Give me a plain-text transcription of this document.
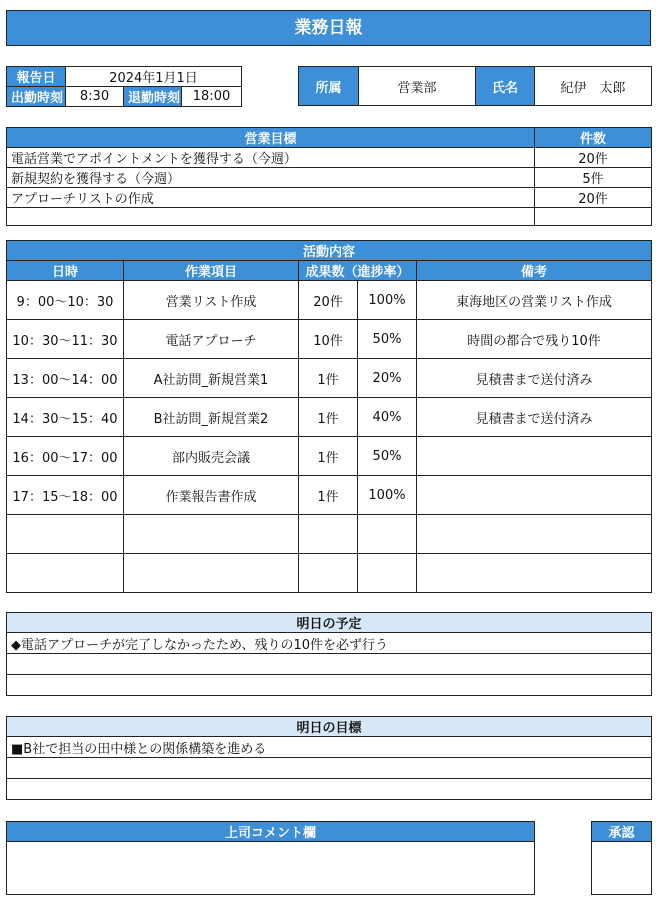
業務日報
報告日	2024年1月1日		
出勤時刻	8:30	退勤時刻	18:00
所属	営業部	氏名	紀伊　太郎
営業目標	件数
電話営業でアポイントメントを獲得する（今週）	20件
新規契約を獲得する（今週）	5件
アプローチリストの作成	20件

活動内容				
日時	作業項目	成果数（進捗率）		備考
9：00〜10：30	営業リスト作成	20件	100%	東海地区の営業リスト作成
10：30〜11：30	電話アプローチ	10件	50%	時間の都合で残り10件
13：00〜14：00	A社訪問_新規営業1	1件	20%	見積書まで送付済み
14：30〜15：40	B社訪問_新規営業2	1件	40%	見積書まで送付済み
16：00〜17：00	部内販売会議	1件	50%	
17：15〜18：00	作業報告書作成	1件	100%	

明日の予定
◆電話アプローチが完了しなかったため、残りの10件を必ず行う

明日の目標
■B社で担当の田中様との関係構築を進める

上司コメント欄	承認
